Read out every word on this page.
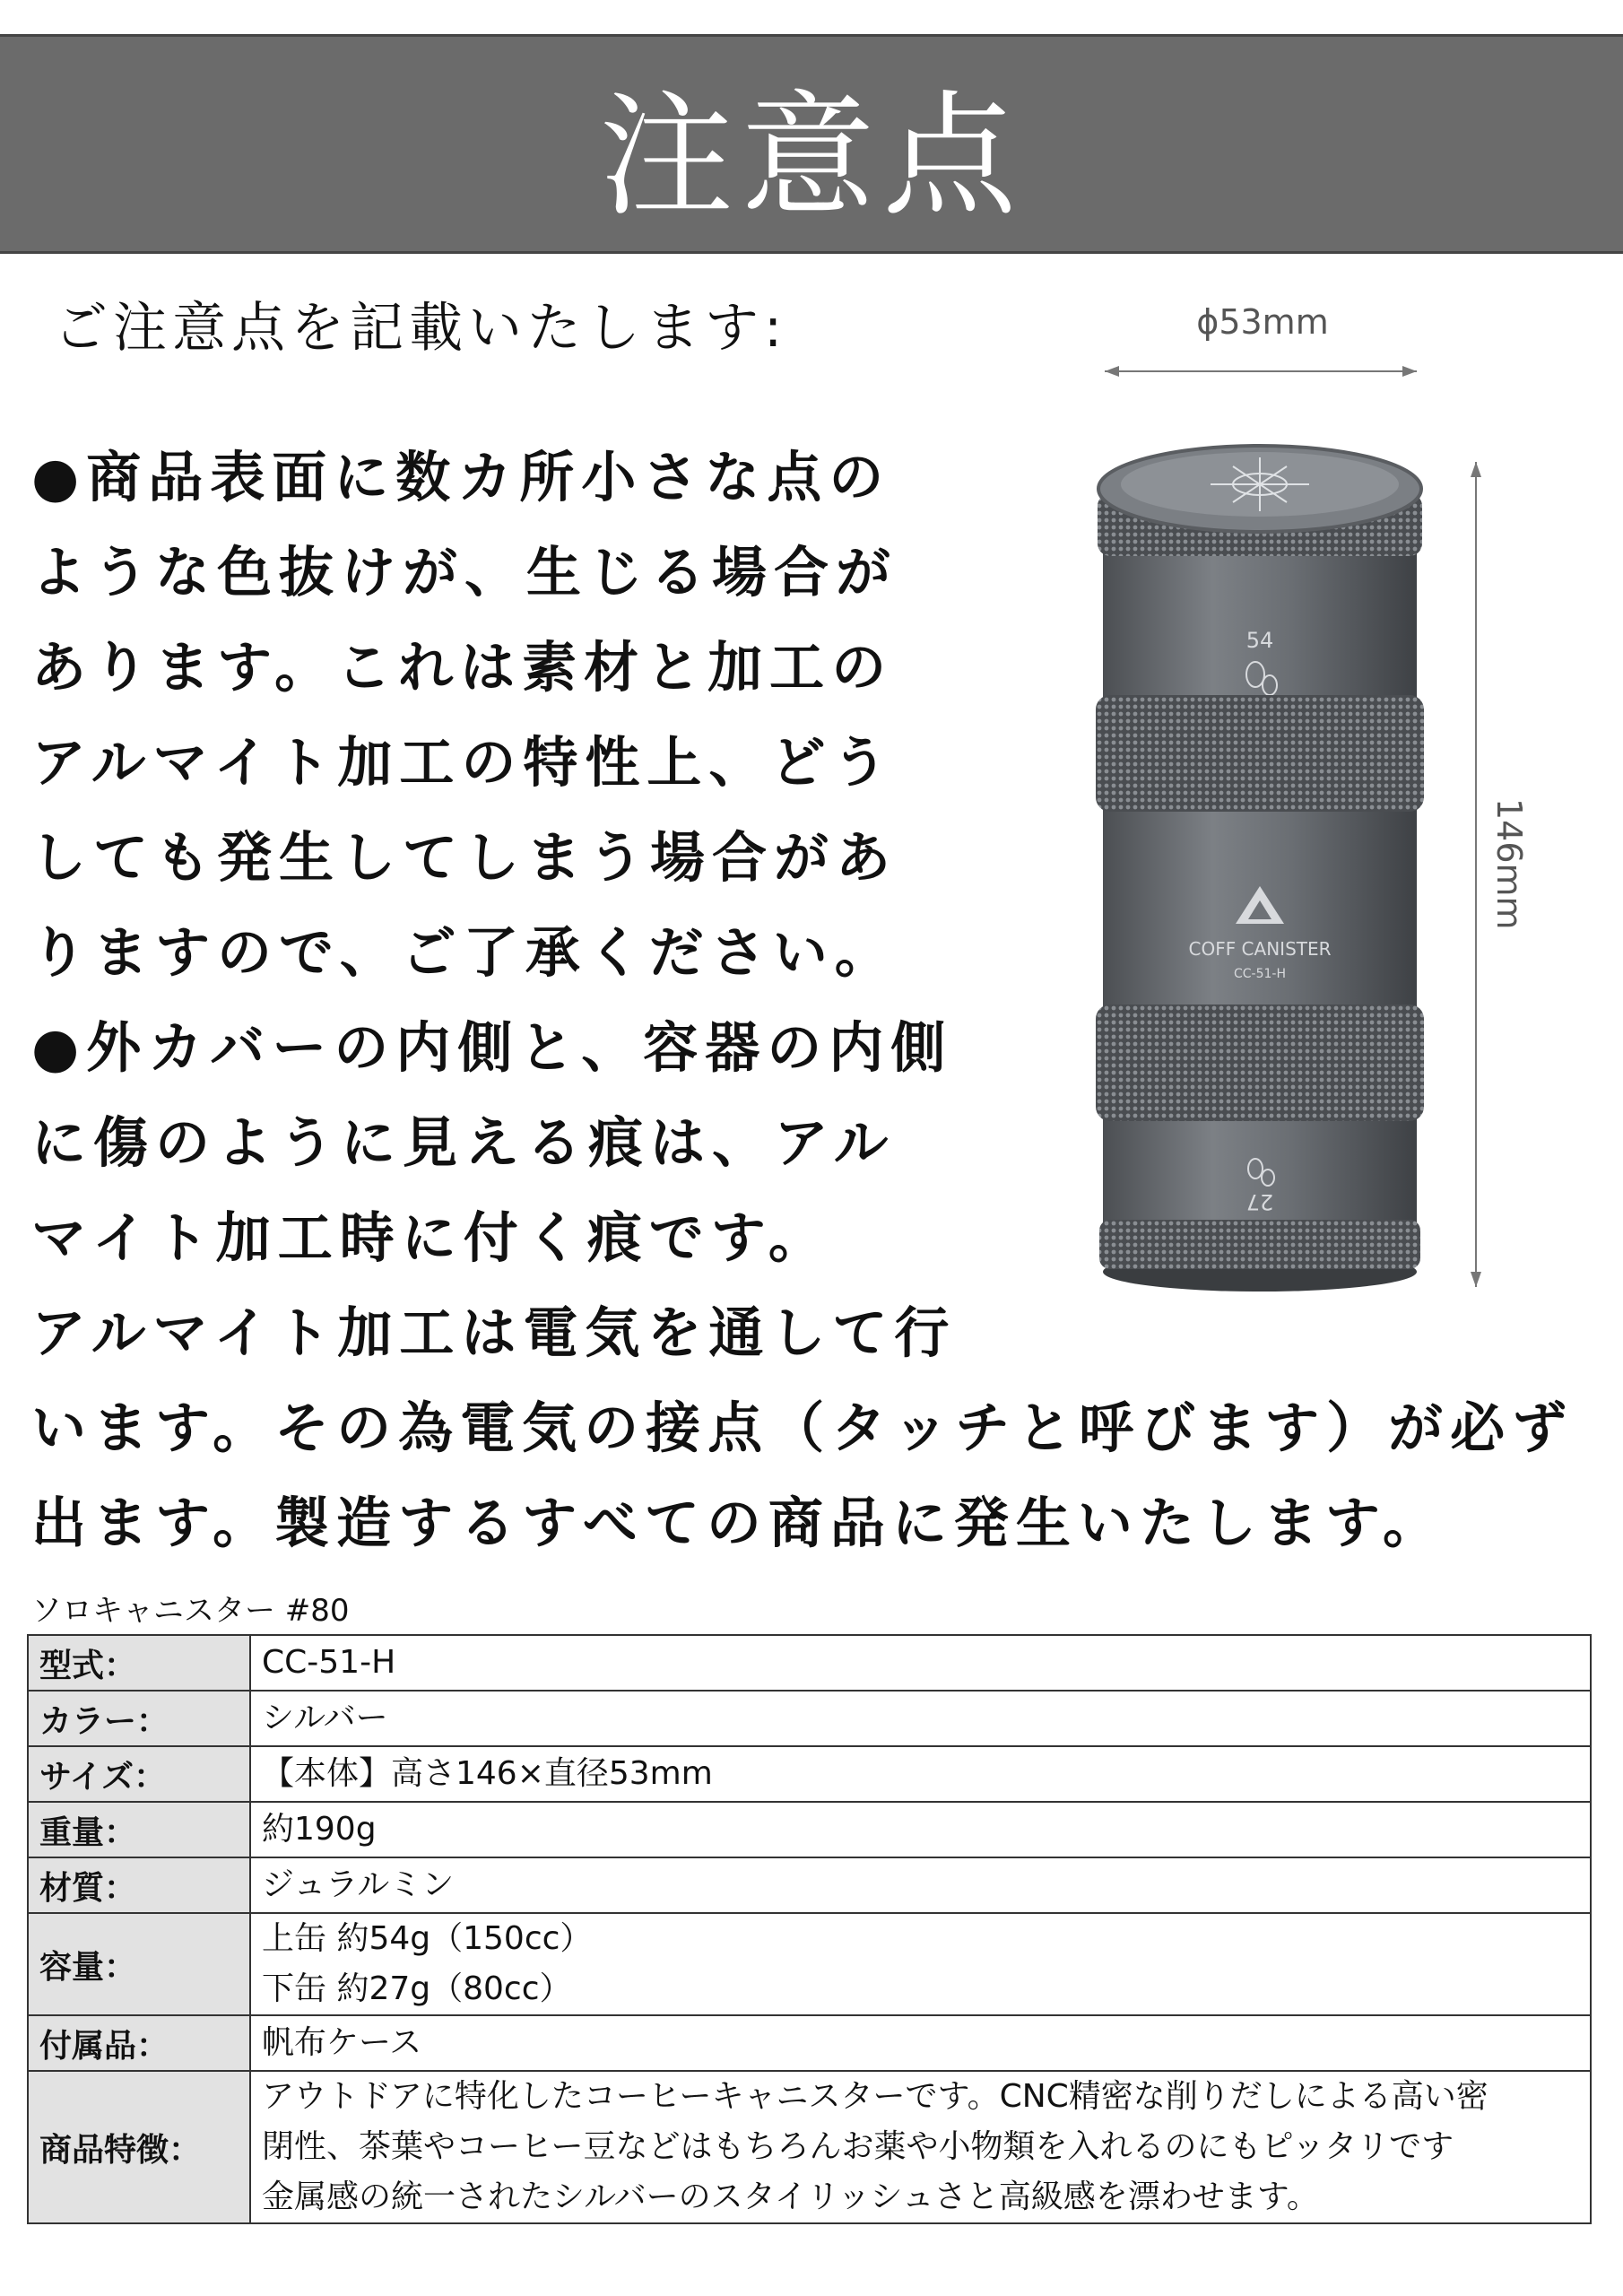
注意点
ご注意点を記載いたします:
●商品表面に数カ所小さな点の
ような色抜けが、生じる場合が
あります。これは素材と加工の
アルマイト加工の特性上、どう
しても発生してしまう場合があ
りますので、ご了承ください。
●外カバーの内側と、容器の内側
に傷のように見える痕は、アル
マイト加工時に付く痕です。
アルマイト加工は電気を通して行
います。その為電気の接点（タッチと呼びます）が必ず
出ます。製造するすべての商品に発生いたします。
ϕ53mm
146mm
54
COFF CANISTER
CC-51-H
27
ソロキャニスター #80
型式：	CC-51-H

カラー：	シルバー

サイズ：	【本体】高さ146×直径53mm

重量：	約190g

材質：	ジュラルミン

容量：	上缶 約54g（150cc）
下缶 約27g（80cc）

付属品：	帆布ケース

商品特徴：	アウトドアに特化したコーヒーキャニスターです。CNC精密な削りだしによる高い密
閉性、茶葉やコーヒー豆などはもちろんお薬や小物類を入れるのにもピッタリです
金属感の統一されたシルバーのスタイリッシュさと高級感を漂わせます。
